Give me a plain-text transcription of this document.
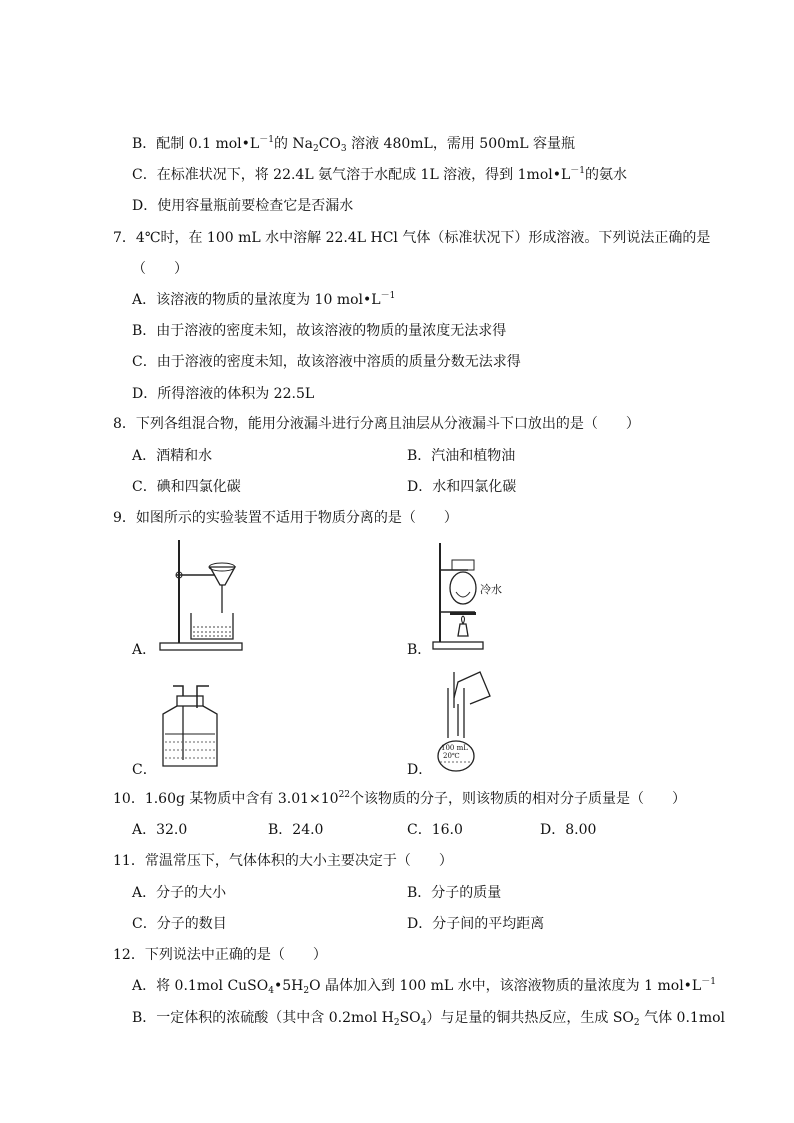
B．配制 0.1 $mol•L^{-1}$的 $Na_2CO_3$ 溶液 480mL，需用 500mL 容量瓶
C．在标准状况下，将 22.4L 氨气溶于水配成 1L 溶液，得到 $1mol•L^{-1}$的氨水
D．使用容量瓶前要检查它是否漏水
7．4℃时，在 100 mL 水中溶解 22.4L HCl 气体（标准状况下）形成溶液。下列说法正确的是
（　　）
A．该溶液的物质的量浓度为 10 $mol•L^{-1}$
B．由于溶液的密度未知，故该溶液的物质的量浓度无法求得
C．由于溶液的密度未知，故该溶液中溶质的质量分数无法求得
D．所得溶液的体积为 22.5L
8．下列各组混合物，能用分液漏斗进行分离且油层从分液漏斗下口放出的是（　　）
A．酒精和水	B．汽油和植物油
C．碘和四氯化碳	D．水和四氯化碳
9．如图所示的实验装置不适用于物质分离的是（　　）
A．
冷水
B．
C．
100 mL
20℃
D．
10．1.60g 某物质中含有 $3.01\times 10^{22}$个该物质的分子，则该物质的相对分子质量是（　　）
A．32.0	B．24.0	C．16.0	D．8.00
11．常温常压下，气体体积的大小主要决定于（　　）
A．分子的大小	B．分子的质量
C．分子的数目	D．分子间的平均距离
12．下列说法中正确的是（　　）
A．将 0.1mol $CuSO_4•5H_2O$ 晶体加入到 100 mL 水中，该溶液物质的量浓度为 1 $mol•L^{-1}$
B．一定体积的浓硫酸（其中含 0.2mol $H_2SO_4$）与足量的铜共热反应，生成 $SO_2$ 气体 0.1mol
